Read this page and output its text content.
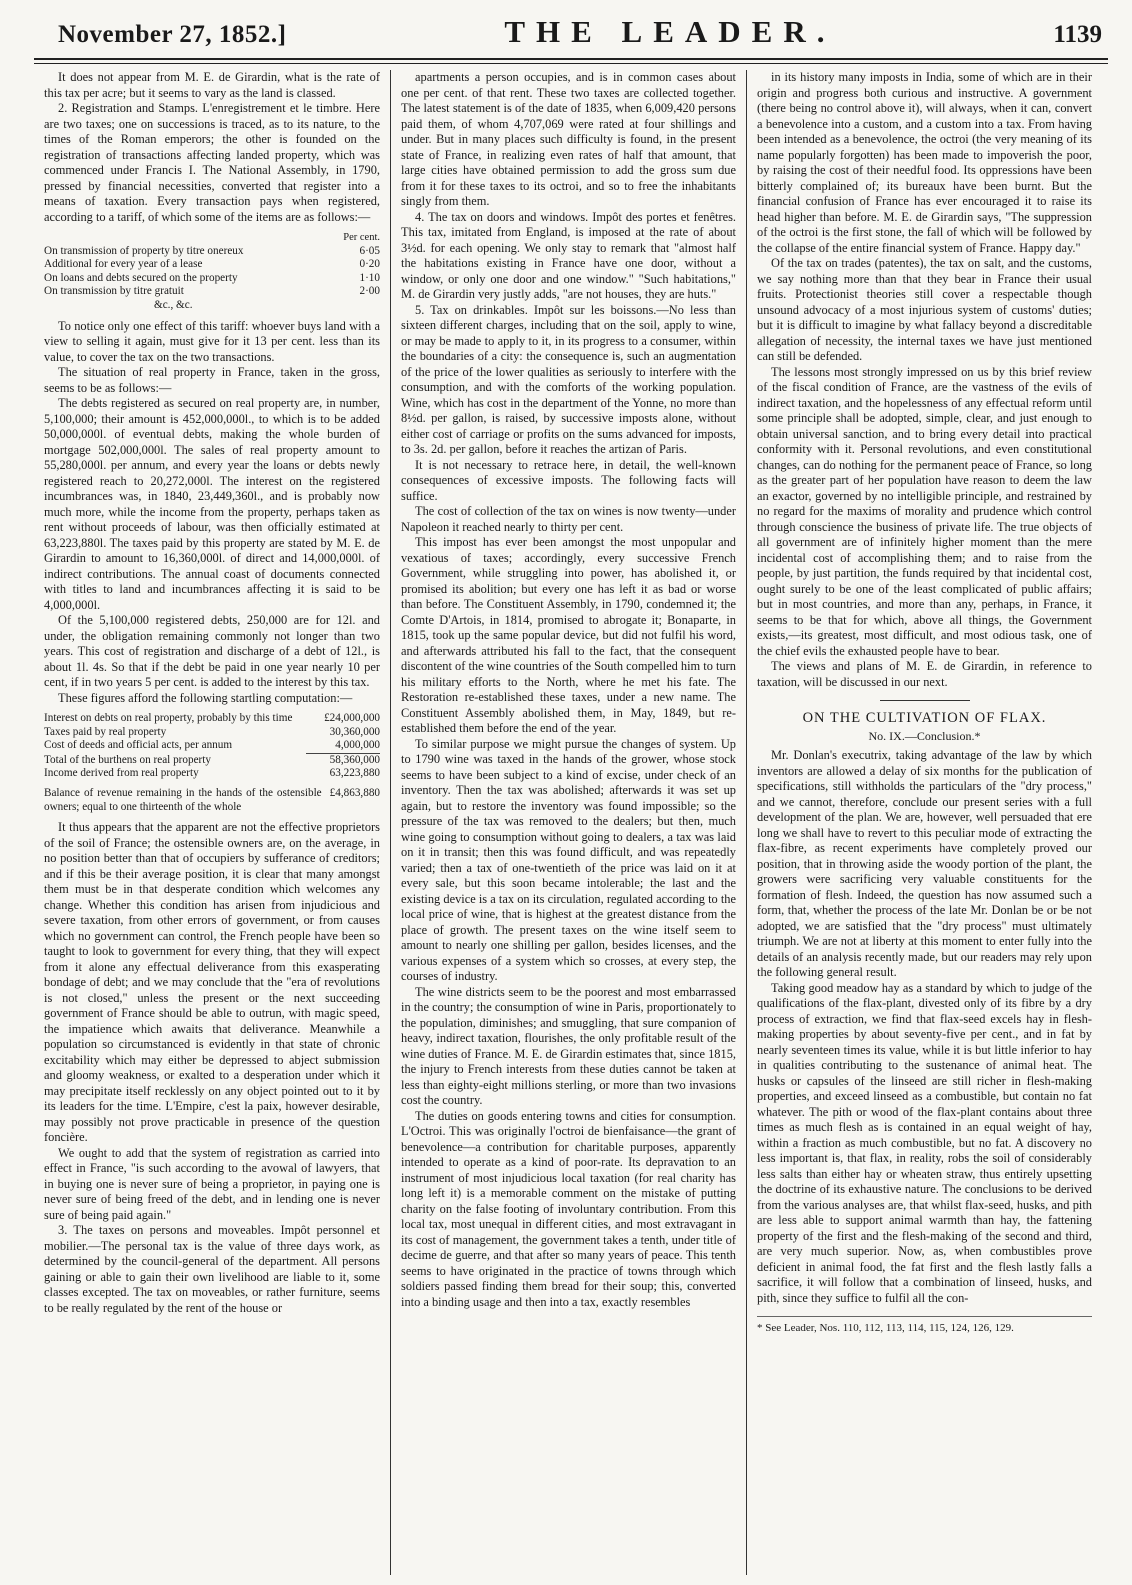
November 27, 1852.]	THE LEADER.	1139

It does not appear from M. E. de Girardin, what is the rate of this tax per acre; but it seems to vary as the land is classed.

2. Registration and Stamps. L'enregistrement et le timbre. Here are two taxes; one on successions is traced, as to its nature, to the times of the Roman emperors; the other is founded on the registration of transactions affecting landed property, which was commenced under Francis I. The National Assembly, in 1790, pressed by financial necessities, converted that register into a means of taxation. Every transaction pays when registered, according to a tariff, of which some of the items are as follows:—

Per cent.
On transmission of property by titre onereux	6·05
Additional for every year of a lease	0·20
On loans and debts secured on the property	1·10
On transmission by titre gratuit	2·00
&c., &c.

To notice only one effect of this tariff: whoever buys land with a view to selling it again, must give for it 13 per cent. less than its value, to cover the tax on the two transactions.

The situation of real property in France, taken in the gross, seems to be as follows:—

The debts registered as secured on real property are, in number, 5,100,000; their amount is 452,000,000l., to which is to be added 50,000,000l. of eventual debts, making the whole burden of mortgage 502,000,000l. The sales of real property amount to 55,280,000l. per annum, and every year the loans or debts newly registered reach to 20,272,000l. The interest on the registered incumbrances was, in 1840, 23,449,360l., and is probably now much more, while the income from the property, perhaps taken as rent without proceeds of labour, was then officially estimated at 63,223,880l. The taxes paid by this property are stated by M. E. de Girardin to amount to 16,360,000l. of direct and 14,000,000l. of indirect contributions. The annual coast of documents connected with titles to land and incumbrances affecting it is said to be 4,000,000l.

Of the 5,100,000 registered debts, 250,000 are for 12l. and under, the obligation remaining commonly not longer than two years. This cost of registration and discharge of a debt of 12l., is about 1l. 4s. So that if the debt be paid in one year nearly 10 per cent, if in two years 5 per cent. is added to the interest by this tax.

These figures afford the following startling computation:—

Interest on debts on real property, probably by this time	£24,000,000
Taxes paid by real property	30,360,000
Cost of deeds and official acts, per annum	4,000,000
Total of the burthens on real property	58,360,000
Income derived from real property	63,223,880
Balance of revenue remaining in the hands of the ostensible owners; equal to one thirteenth of the whole
£4,863,880

It thus appears that the apparent are not the effective proprietors of the soil of France; the ostensible owners are, on the average, in no position better than that of occupiers by sufferance of creditors; and if this be their average position, it is clear that many amongst them must be in that desperate condition which welcomes any change. Whether this condition has arisen from injudicious and severe taxation, from other errors of government, or from causes which no government can control, the French people have been so taught to look to government for every thing, that they will expect from it alone any effectual deliverance from this exasperating bondage of debt; and we may conclude that the "era of revolutions is not closed," unless the present or the next succeeding government of France should be able to outrun, with magic speed, the impatience which awaits that deliverance. Meanwhile a population so circumstanced is evidently in that state of chronic excitability which may either be depressed to abject submission and gloomy weakness, or exalted to a desperation under which it may precipitate itself recklessly on any object pointed out to it by its leaders for the time. L'Empire, c'est la paix, however desirable, may possibly not prove practicable in presence of the question foncière.

We ought to add that the system of registration as carried into effect in France, "is such according to the avowal of lawyers, that in buying one is never sure of being a proprietor, in paying one is never sure of being freed of the debt, and in lending one is never sure of being paid again."

3. The taxes on persons and moveables. Impôt personnel et mobilier.—The personal tax is the value of three days work, as determined by the council-general of the department. All persons gaining or able to gain their own livelihood are liable to it, some classes excepted. The tax on moveables, or rather furniture, seems to be really regulated by the rent of the house or

apartments a person occupies, and is in common cases about one per cent. of that rent. These two taxes are collected together. The latest statement is of the date of 1835, when 6,009,420 persons paid them, of whom 4,707,069 were rated at four shillings and under. But in many places such difficulty is found, in the present state of France, in realizing even rates of half that amount, that large cities have obtained permission to add the gross sum due from it for these taxes to its octroi, and so to free the inhabitants singly from them.

4. The tax on doors and windows. Impôt des portes et fenêtres. This tax, imitated from England, is imposed at the rate of about 3½d. for each opening. We only stay to remark that "almost half the habitations existing in France have one door, without a window, or only one door and one window." "Such habitations," M. de Girardin very justly adds, "are not houses, they are huts."

5. Tax on drinkables. Impôt sur les boissons.—No less than sixteen different charges, including that on the soil, apply to wine, or may be made to apply to it, in its progress to a consumer, within the boundaries of a city: the consequence is, such an augmentation of the price of the lower qualities as seriously to interfere with the consumption, and with the comforts of the working population. Wine, which has cost in the department of the Yonne, no more than 8½d. per gallon, is raised, by successive imposts alone, without either cost of carriage or profits on the sums advanced for imposts, to 3s. 2d. per gallon, before it reaches the artizan of Paris.

It is not necessary to retrace here, in detail, the well-known consequences of excessive imposts. The following facts will suffice.

The cost of collection of the tax on wines is now twenty—under Napoleon it reached nearly to thirty per cent.

This impost has ever been amongst the most unpopular and vexatious of taxes; accordingly, every successive French Government, while struggling into power, has abolished it, or promised its abolition; but every one has left it as bad or worse than before. The Constituent Assembly, in 1790, condemned it; the Comte D'Artois, in 1814, promised to abrogate it; Bonaparte, in 1815, took up the same popular device, but did not fulfil his word, and afterwards attributed his fall to the fact, that the consequent discontent of the wine countries of the South compelled him to turn his military efforts to the North, where he met his fate. The Restoration re-established these taxes, under a new name. The Constituent Assembly abolished them, in May, 1849, but re-established them before the end of the year.

To similar purpose we might pursue the changes of system. Up to 1790 wine was taxed in the hands of the grower, whose stock seems to have been subject to a kind of excise, under check of an inventory. Then the tax was abolished; afterwards it was set up again, but to restore the inventory was found impossible; so the pressure of the tax was removed to the dealers; but then, much wine going to consumption without going to dealers, a tax was laid on it in transit; then this was found difficult, and was repeatedly varied; then a tax of one-twentieth of the price was laid on it at every sale, but this soon became intolerable; the last and the existing device is a tax on its circulation, regulated according to the local price of wine, that is highest at the greatest distance from the place of growth. The present taxes on the wine itself seem to amount to nearly one shilling per gallon, besides licenses, and the various expenses of a system which so crosses, at every step, the courses of industry.

The wine districts seem to be the poorest and most embarrassed in the country; the consumption of wine in Paris, proportionately to the population, diminishes; and smuggling, that sure companion of heavy, indirect taxation, flourishes, the only profitable result of the wine duties of France. M. E. de Girardin estimates that, since 1815, the injury to French interests from these duties cannot be taken at less than eighty-eight millions sterling, or more than two invasions cost the country.

The duties on goods entering towns and cities for consumption. L'Octroi. This was originally l'octroi de bienfaisance—the grant of benevolence—a contribution for charitable purposes, apparently intended to operate as a kind of poor-rate. Its depravation to an instrument of most injudicious local taxation (for real charity has long left it) is a memorable comment on the mistake of putting charity on the false footing of involuntary contribution. From this local tax, most unequal in different cities, and most extravagant in its cost of management, the government takes a tenth, under title of decime de guerre, and that after so many years of peace. This tenth seems to have originated in the practice of towns through which soldiers passed finding them bread for their soup; this, converted into a binding usage and then into a tax, exactly resembles

in its history many imposts in India, some of which are in their origin and progress both curious and instructive. A government (there being no control above it), will always, when it can, convert a benevolence into a custom, and a custom into a tax. From having been intended as a benevolence, the octroi (the very meaning of its name popularly forgotten) has been made to impoverish the poor, by raising the cost of their needful food. Its oppressions have been bitterly complained of; its bureaux have been burnt. But the financial confusion of France has ever encouraged it to raise its head higher than before. M. E. de Girardin says, "The suppression of the octroi is the first stone, the fall of which will be followed by the collapse of the entire financial system of France. Happy day."

Of the tax on trades (patentes), the tax on salt, and the customs, we say nothing more than that they bear in France their usual fruits. Protectionist theories still cover a respectable though unsound advocacy of a most injurious system of customs' duties; but it is difficult to imagine by what fallacy beyond a discreditable allegation of necessity, the internal taxes we have just mentioned can still be defended.

The lessons most strongly impressed on us by this brief review of the fiscal condition of France, are the vastness of the evils of indirect taxation, and the hopelessness of any effectual reform until some principle shall be adopted, simple, clear, and just enough to obtain universal sanction, and to bring every detail into practical conformity with it. Personal revolutions, and even constitutional changes, can do nothing for the permanent peace of France, so long as the greater part of her population have reason to deem the law an exactor, governed by no intelligible principle, and restrained by no regard for the maxims of morality and prudence which control through conscience the business of private life. The true objects of all government are of infinitely higher moment than the mere incidental cost of accomplishing them; and to raise from the people, by just partition, the funds required by that incidental cost, ought surely to be one of the least complicated of public affairs; but in most countries, and more than any, perhaps, in France, it seems to be that for which, above all things, the Government exists,—its greatest, most difficult, and most odious task, one of the chief evils the exhausted people have to bear.

The views and plans of M. E. de Girardin, in reference to taxation, will be discussed in our next.

ON THE CULTIVATION OF FLAX.
No. IX.—Conclusion.*

Mr. Donlan's executrix, taking advantage of the law by which inventors are allowed a delay of six months for the publication of specifications, still withholds the particulars of the "dry process," and we cannot, therefore, conclude our present series with a full development of the plan. We are, however, well persuaded that ere long we shall have to revert to this peculiar mode of extracting the flax-fibre, as recent experiments have completely proved our position, that in throwing aside the woody portion of the plant, the growers were sacrificing very valuable constituents for the formation of flesh. Indeed, the question has now assumed such a form, that, whether the process of the late Mr. Donlan be or be not adopted, we are satisfied that the "dry process" must ultimately triumph. We are not at liberty at this moment to enter fully into the details of an analysis recently made, but our readers may rely upon the following general result.

Taking good meadow hay as a standard by which to judge of the qualifications of the flax-plant, divested only of its fibre by a dry process of extraction, we find that flax-seed excels hay in flesh-making properties by about seventy-five per cent., and in fat by nearly seventeen times its value, while it is but little inferior to hay in qualities contributing to the sustenance of animal heat. The husks or capsules of the linseed are still richer in flesh-making properties, and exceed linseed as a combustible, but contain no fat whatever. The pith or wood of the flax-plant contains about three times as much flesh as is contained in an equal weight of hay, within a fraction as much combustible, but no fat. A discovery no less important is, that flax, in reality, robs the soil of considerably less salts than either hay or wheaten straw, thus entirely upsetting the doctrine of its exhaustive nature. The conclusions to be derived from the various analyses are, that whilst flax-seed, husks, and pith are less able to support animal warmth than hay, the fattening property of the first and the flesh-making of the second and third, are very much superior. Now, as, when combustibles prove deficient in animal food, the fat first and the flesh lastly falls a sacrifice, it will follow that a combination of linseed, husks, and pith, since they suffice to fulfil all the con-

* See Leader, Nos. 110, 112, 113, 114, 115, 124, 126, 129.
